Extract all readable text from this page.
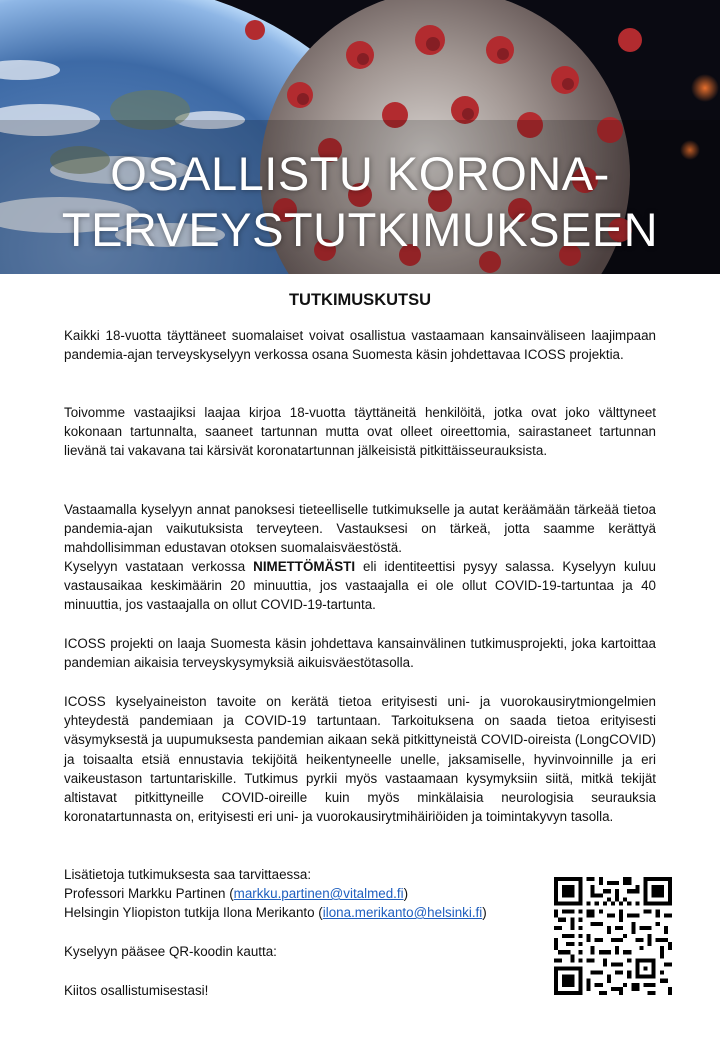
OSALLISTU KORONA-
TERVEYSTUTKIMUKSEEN
TUTKIMUSKUTSU
Kaikki 18-vuotta täyttäneet suomalaiset voivat osallistua vastaamaan kansainväliseen laajimpaan pandemia-ajan terveyskyselyyn verkossa osana Suomesta käsin johdettavaa ICOSS projektia.
Toivomme vastaajiksi laajaa kirjoa 18-vuotta täyttäneitä henkilöitä, jotka ovat joko välttyneet kokonaan tartunnalta, saaneet tartunnan mutta ovat olleet oireettomia, sairastaneet tartunnan lievänä tai vakavana tai kärsivät koronatartunnan jälkeisistä pitkittäisseurauksista.
Vastaamalla kyselyyn annat panoksesi tieteelliselle tutkimukselle ja autat keräämään tärkeää tietoa pandemia-ajan vaikutuksista terveyteen. Vastauksesi on tärkeä, jotta saamme kerättyä mahdollisimman edustavan otoksen suomalaisväestöstä.
Kyselyyn vastataan verkossa NIMETTÖMÄSTI eli identiteettisi pysyy salassa. Kyselyyn kuluu vastausaikaa keskimäärin 20 minuuttia, jos vastaajalla ei ole ollut COVID-19-tartuntaa ja 40 minuuttia, jos vastaajalla on ollut COVID-19-tartunta.
ICOSS projekti on laaja Suomesta käsin johdettava kansainvälinen tutkimusprojekti, joka kartoittaa pandemian aikaisia terveyskysymyksiä aikuisväestötasolla.
ICOSS kyselyaineiston tavoite on kerätä tietoa erityisesti uni- ja vuorokausirytmiongelmien yhteydestä pandemiaan ja COVID-19 tartuntaan. Tarkoituksena on saada tietoa erityisesti väsymyksestä ja uupumuksesta pandemian aikaan sekä pitkittyneistä COVID-oireista (LongCOVID) ja toisaalta etsiä ennustavia tekijöitä heikentyneelle unelle, jaksamiselle, hyvinvoinnille ja eri vaikeustason tartuntariskille. Tutkimus pyrkii myös vastaamaan kysymyksiin siitä, mitkä tekijät altistavat pitkittyneille COVID-oireille kuin myös minkälaisia neurologisia seurauksia koronatartunnasta on, erityisesti eri uni- ja vuorokausirytmihäiriöiden ja toimintakyvyn tasolla.
Lisätietoja tutkimuksesta saa tarvittaessa:
Professori Markku Partinen (markku.partinen@vitalmed.fi)
Helsingin Yliopiston tutkija Ilona Merikanto (ilona.merikanto@helsinki.fi)
Kyselyyn pääsee QR-koodin kautta:
Kiitos osallistumisestasi!
